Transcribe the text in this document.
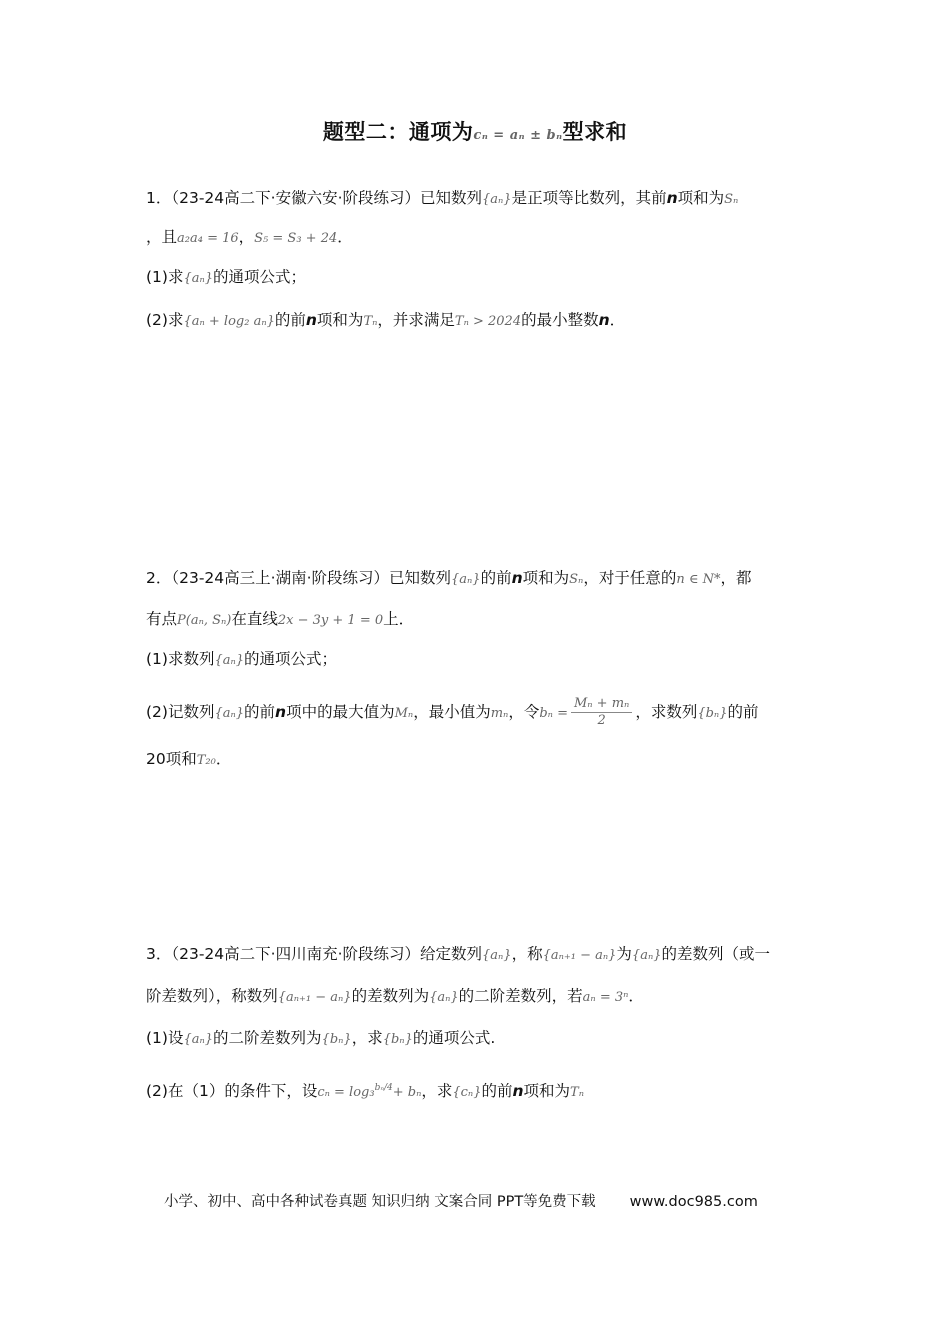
题型二：通项为cₙ = aₙ ± bₙ型求和
1．（23-24高二下·安徽六安·阶段练习）已知数列{aₙ}是正项等比数列，其前n项和为Sₙ
，且a₂a₄ = 16，S₅ = S₃ + 24．
(1)求{aₙ}的通项公式；
(2)求{aₙ + log₂ aₙ}的前n项和为Tₙ，并求满足Tₙ > 2024的最小整数n．
2．（23-24高三上·湖南·阶段练习）已知数列{aₙ}的前n项和为Sₙ，对于任意的n ∈ N*，都
有点P(aₙ, Sₙ)在直线2x − 3y + 1 = 0上．
(1)求数列{aₙ}的通项公式；
(2)记数列{aₙ}的前n项中的最大值为Mₙ，最小值为mₙ，令$b_n = \frac{\text{Mₙ + mₙ}}{2}$ ，求数列{bₙ}的前
20项和T₂₀．
3．（23-24高二下·四川南充·阶段练习）给定数列{aₙ}，称{aₙ₊₁ − aₙ}为{aₙ}的差数列（或一
阶差数列），称数列{aₙ₊₁ − aₙ}的差数列为{aₙ}的二阶差数列，若aₙ = 3ⁿ．
(1)设{aₙ}的二阶差数列为{bₙ}，求{bₙ}的通项公式.
(2)在（1）的条件下，设cₙ = log₃$^{b_n/4}$+ bₙ，求{cₙ}的前n项和为Tₙ
小学、初中、高中各种试卷真题 知识归纳 文案合同 PPT等免费下载 www.doc985.com
